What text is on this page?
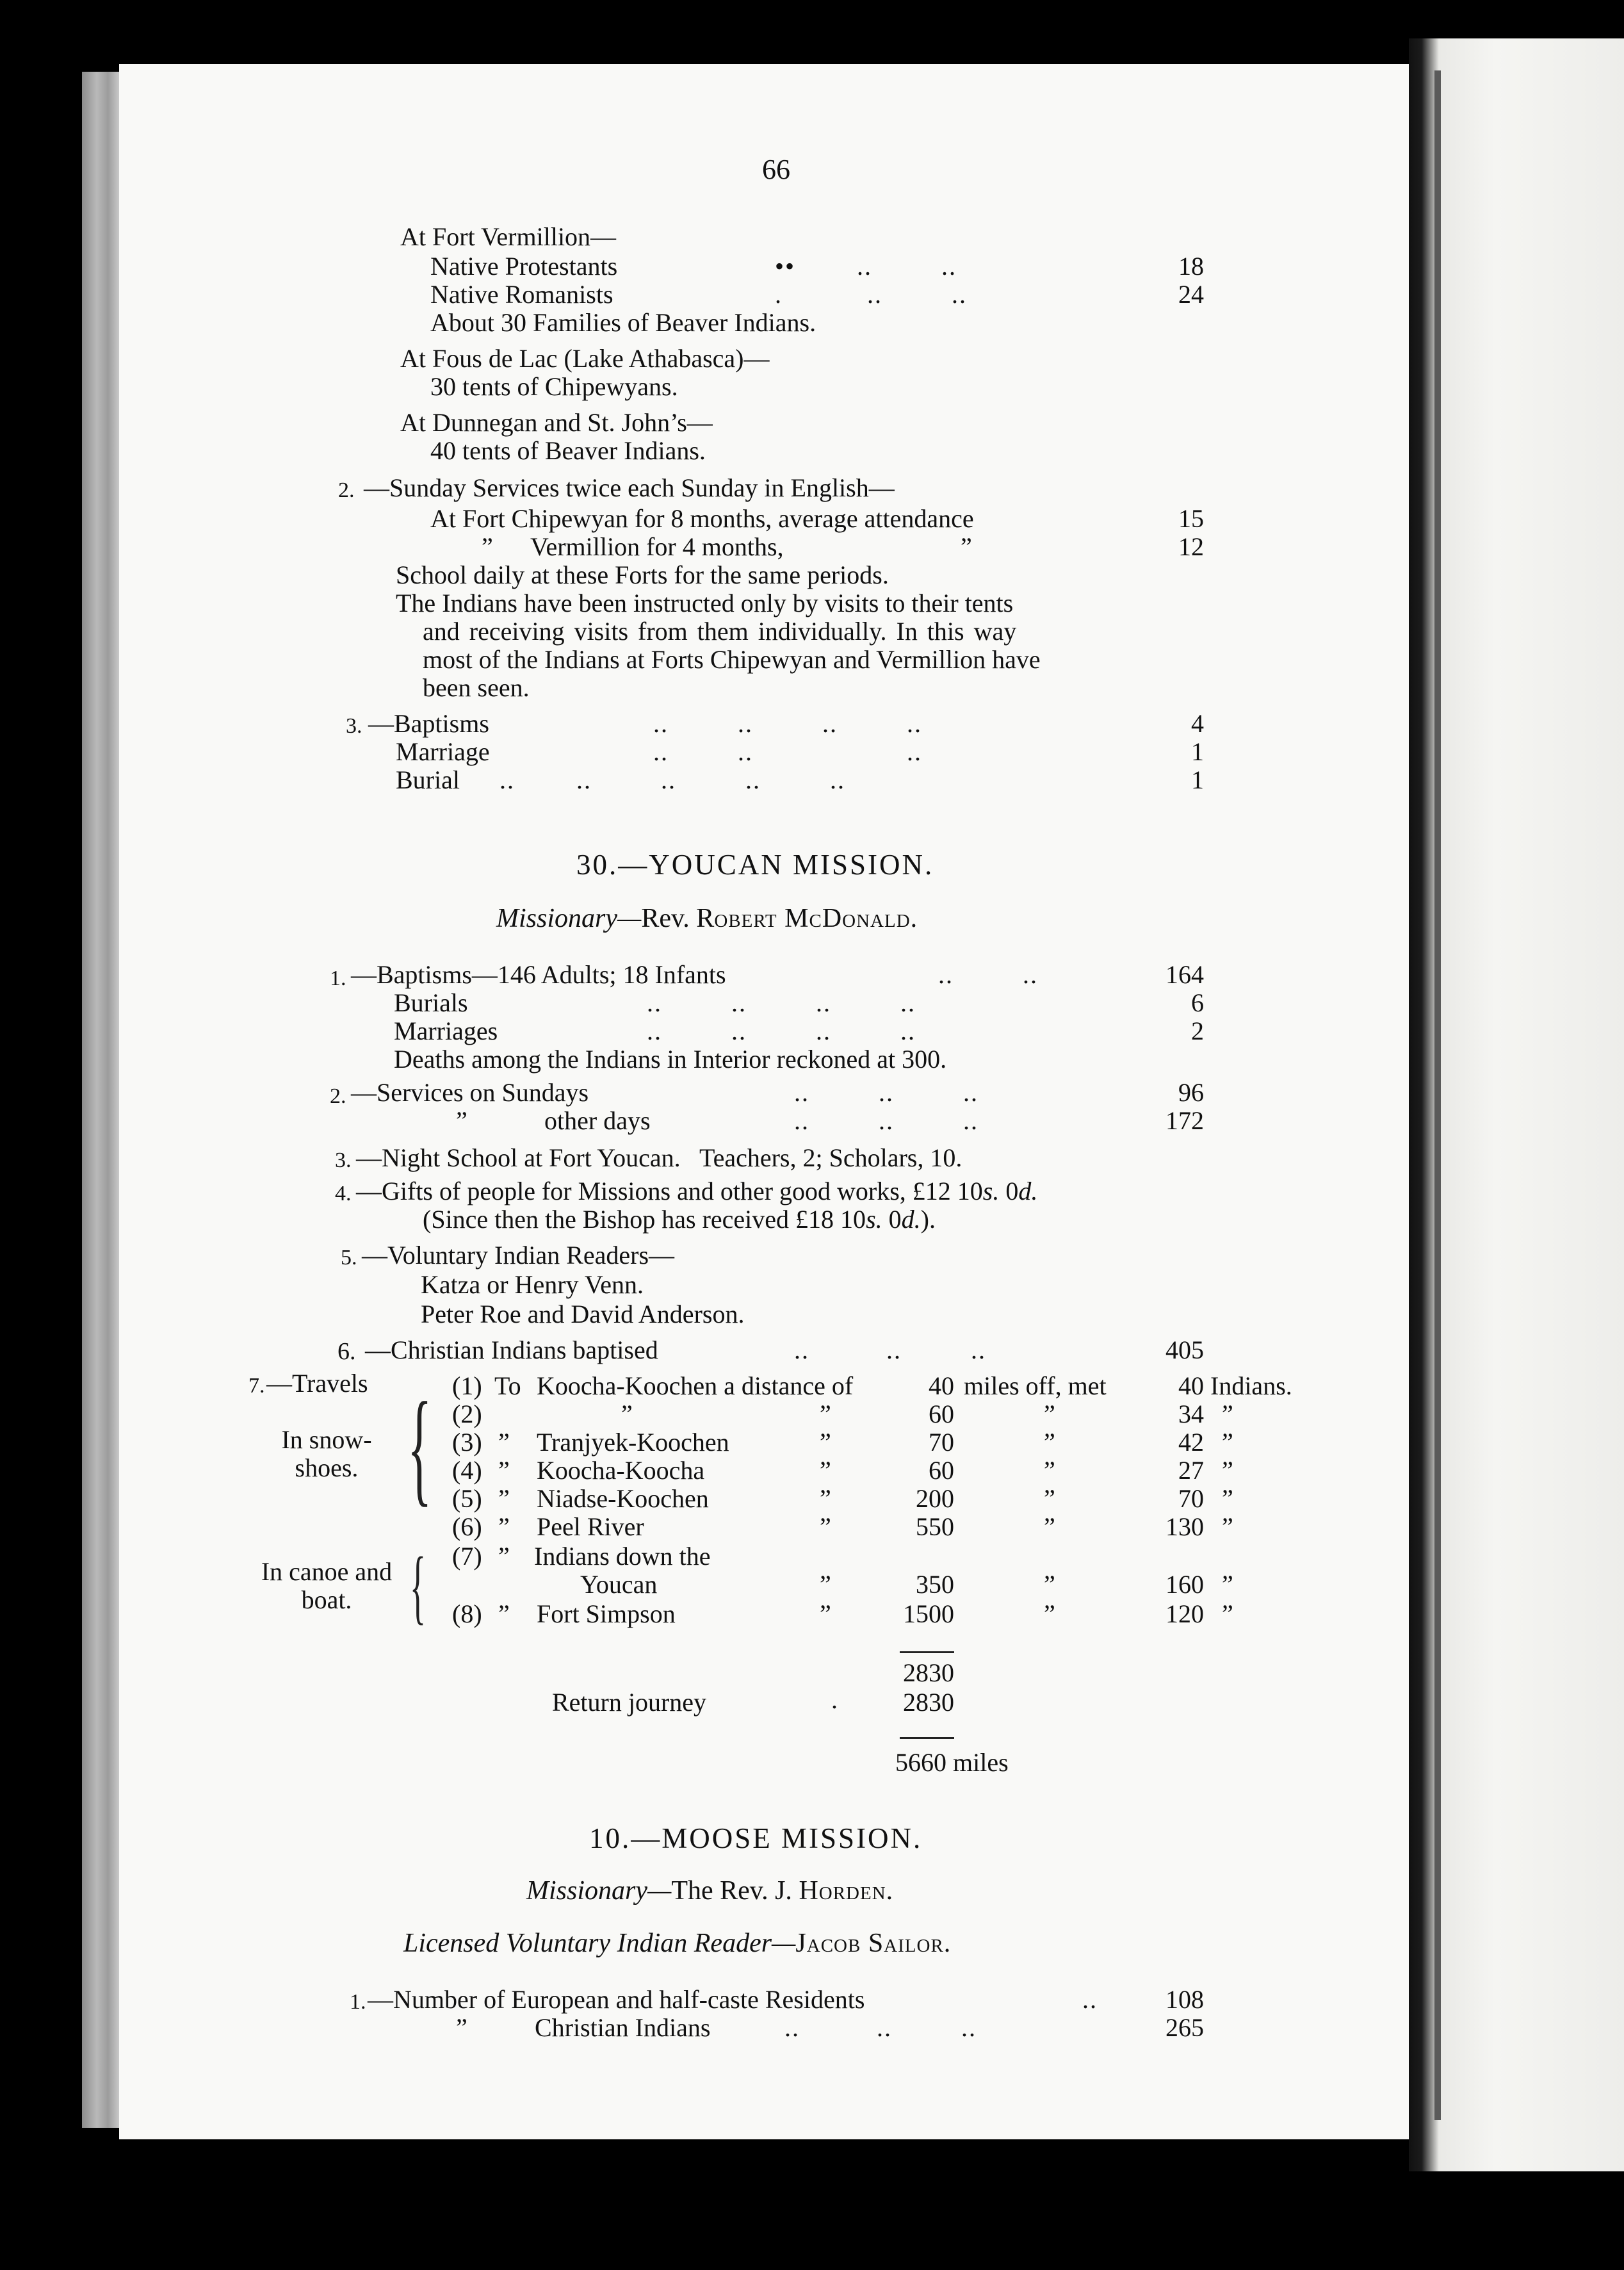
66
At Fort Vermillion—
Native Protestants	••        ..         ..	18
Native Romanists	.           ..         ..	24
About 30 Families of Beaver Indians.
At Fous de Lac (Lake Athabasca)—
30 tents of Chipewyans.
At Dunnegan and St. John’s—
40 tents of Beaver Indians.
2. —Sunday Services twice each Sunday in English—
At Fort Chipewyan for 8 months, average attendance	15
” Vermillion for 4 months,	”	12
School daily at these Forts for the same periods.
The Indians have been instructed only by visits to their tents
and receiving visits from them individually. In this way
most of the Indians at Forts Chipewyan and Vermillion have
been seen.
3. —Baptisms	..         ..         ..         ..	4
Marriage	..         ..                    ..	1
Burial ..        ..         ..         ..         ..	1
30.—YOUCAN MISSION.
Missionary—Rev. Robert McDonald.
1. —Baptisms—146 Adults; 18 Infants	..         ..	164
Burials	..         ..         ..         ..	6
Marriages	..         ..         ..         ..	2
Deaths among the Indians in Interior reckoned at 300.
2. —Services on Sundays	..         ..         ..	96
”	other days	..         ..         ..	172
3. —Night School at Fort Youcan.   Teachers, 2; Scholars, 10.
4. —Gifts of people for Missions and other good works, £12 10s. 0d.
(Since then the Bishop has received £18 10s. 0d.).
5. —Voluntary Indian Readers—
Katza or Henry Venn.
Peter Roe and David Anderson.
6. —Christian Indians baptised	..          ..         ..	405
7. —Travels
In snow-
shoes.
In canoe and
boat.
{
{
(1) To Koocha-Koochen a distance of	40 miles off, met	40 Indians.
(2)	”	”	60	”	34 ”
(3) ” Tranjyek-Koochen	”	70	”	42 ”
(4) ” Koocha-Koocha	”	60	”	27 ”
(5) ” Niadse-Koochen	”	200	”	70 ”
(6) ” Peel River	”	550	”	130 ”
(7) ” Indians down the
Youcan	”	350	”	160 ”
(8) ” Fort Simpson	”	1500	”	120 ”
2830
Return journey	.	2830
5660 miles
10.—MOOSE MISSION.
Missionary—The Rev. J. Horden.
Licensed Voluntary Indian Reader—Jacob Sailor.
1. —Number of European and half-caste Residents	..	108
”	Christian Indians	..          ..         ..	265
